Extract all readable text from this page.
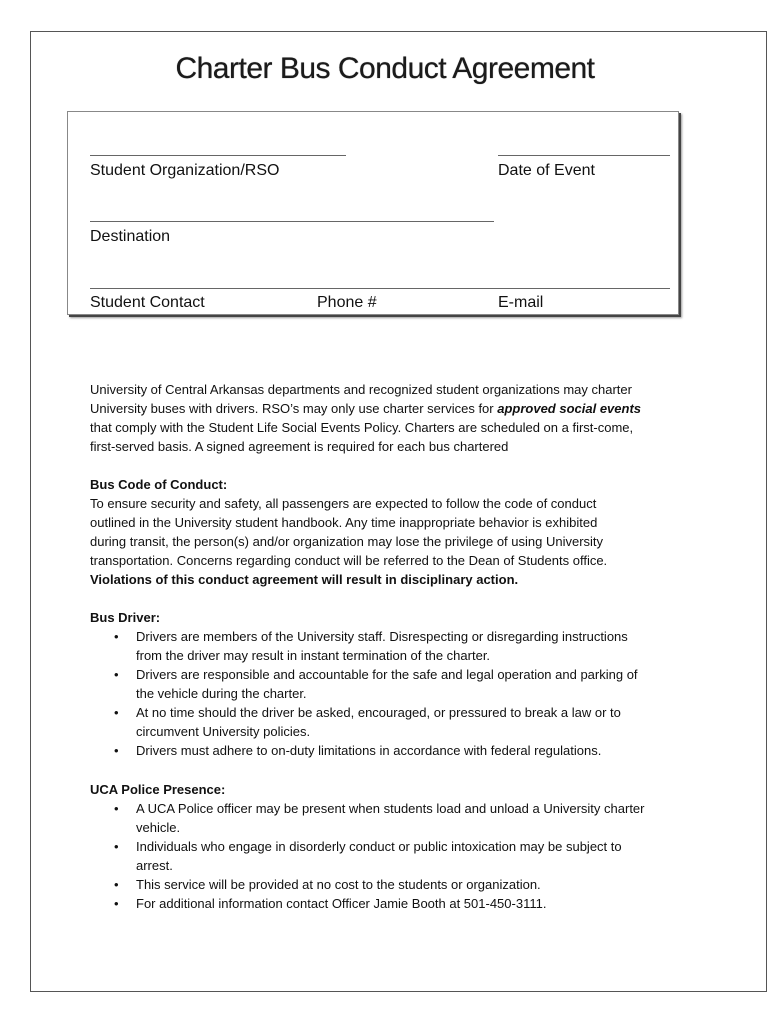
Charter Bus Conduct Agreement
Student Organization/RSO	Date of Event
Destination
Student Contact	Phone #	E-mail

University of Central Arkansas departments and recognized student organizations may charter

University buses with drivers. RSO’s may only use charter services for approved social events

that comply with the Student Life Social Events Policy. Charters are scheduled on a first-come,

first-served basis. A signed agreement is required for each bus chartered

Bus Code of Conduct:

To ensure security and safety, all passengers are expected to follow the code of conduct

outlined in the University student handbook. Any time inappropriate behavior is exhibited

during transit, the person(s) and/or organization may lose the privilege of using University

transportation. Concerns regarding conduct will be referred to the Dean of Students office.

Violations of this conduct agreement will result in disciplinary action.

Bus Driver:

• Drivers are members of the University staff. Disrespecting or disregarding instructions
from the driver may result in instant termination of the charter.
• Drivers are responsible and accountable for the safe and legal operation and parking of
the vehicle during the charter.
• At no time should the driver be asked, encouraged, or pressured to break a law or to
circumvent University policies.
• Drivers must adhere to on-duty limitations in accordance with federal regulations.

UCA Police Presence:

• A UCA Police officer may be present when students load and unload a University charter
vehicle.
• Individuals who engage in disorderly conduct or public intoxication may be subject to
arrest.
• This service will be provided at no cost to the students or organization.
• For additional information contact Officer Jamie Booth at 501-450-3111.
